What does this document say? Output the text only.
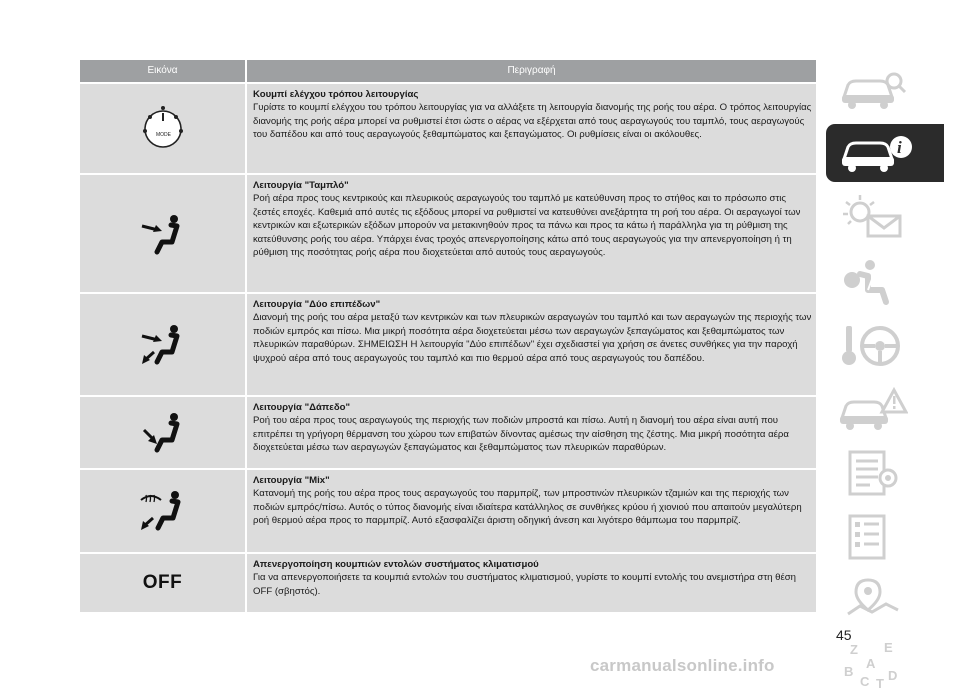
Εικόνα	Περιγραφή
MODE

Κουμπί ελέγχου τρόπου λειτουργίας

Γυρίστε το κουμπί ελέγχου του τρόπου λειτουργίας για να αλλάξετε τη λειτουργία διανομής της ροής του αέρα. Ο τρόπος λειτουργίας διανομής της ροής αέρα μπορεί να ρυθμιστεί έτσι ώστε ο αέρας να εξέρχεται από τους αεραγωγούς του ταμπλό, τους αεραγωγούς του δαπέδου και από τους αεραγωγούς ξεθαμπώματος και ξεπαγώματος. Οι ρυθμίσεις είναι οι ακόλουθες.

Λειτουργία "Ταμπλό"

Ροή αέρα προς τους κεντρικούς και πλευρικούς αεραγωγούς του ταμπλό με κατεύθυνση προς το στήθος και το πρόσωπο στις ζεστές εποχές. Καθεμιά από αυτές τις εξόδους μπορεί να ρυθμιστεί να κατευθύνει ανεξάρτητα τη ροή του αέρα. Οι αεραγωγοί των κεντρικών και εξωτερικών εξόδων μπορούν να μετακινηθούν προς τα πάνω και προς τα κάτω ή παράλληλα για τη ρύθμιση της κατεύθυνσης ροής του αέρα. Υπάρχει ένας τροχός απενεργοποίησης κάτω από τους αεραγωγούς για την απενεργοποίηση ή τη ρύθμιση της ποσότητας ροής αέρα που διοχετεύεται από αυτούς τους αεραγωγούς.

Λειτουργία "Δύο επιπέδων"

Διανομή της ροής του αέρα μεταξύ των κεντρικών και των πλευρικών αεραγωγών του ταμπλό και των αεραγωγών της περιοχής των ποδιών εμπρός και πίσω. Μια μικρή ποσότητα αέρα διοχετεύεται μέσω των αεραγωγών ξεπαγώματος και ξεθαμπώματος των πλευρικών παραθύρων. ΣΗΜΕΙΩΣΗ Η λειτουργία "Δύο επιπέδων" έχει σχεδιαστεί για χρήση σε άνετες συνθήκες για την παροχή ψυχρού αέρα από τους αεραγωγούς του ταμπλό και πιο θερμού αέρα από τους αεραγωγούς του δαπέδου.

Λειτουργία "Δάπεδο"

Ροή του αέρα προς τους αεραγωγούς της περιοχής των ποδιών μπροστά και πίσω. Αυτή η διανομή του αέρα είναι αυτή που επιτρέπει τη γρήγορη θέρμανση του χώρου των επιβατών δίνοντας αμέσως την αίσθηση της ζέστης. Μια μικρή ποσότητα αέρα διοχετεύεται μέσω των αεραγωγών ξεπαγώματος και ξεθαμπώματος των πλευρικών παραθύρων.

Λειτουργία "Mix"

Κατανομή της ροής του αέρα προς τους αεραγωγούς του παρμπρίζ, των μπροστινών πλευρικών τζαμιών και της περιοχής των ποδιών εμπρός/πίσω. Αυτός ο τύπος διανομής είναι ιδιαίτερα κατάλληλος σε συνθήκες κρύου ή χιονιού που απαιτούν μεγαλύτερη ροή θερμού αέρα προς το παρμπρίζ. Αυτό εξασφαλίζει άριστη οδηγική άνεση και λιγότερο θάμπωμα του παρμπρίζ.

OFF

Απενεργοποίηση κουμπιών εντολών συστήματος κλιματισμού

Για να απενεργοποιήσετε τα κουμπιά εντολών του συστήματος κλιματισμού, γυρίστε το κουμπί εντολής του ανεμιστήρα στη θέση OFF (σβηστός).

i
Z E
A
B
C D
T
45
carmanualsonline.info
